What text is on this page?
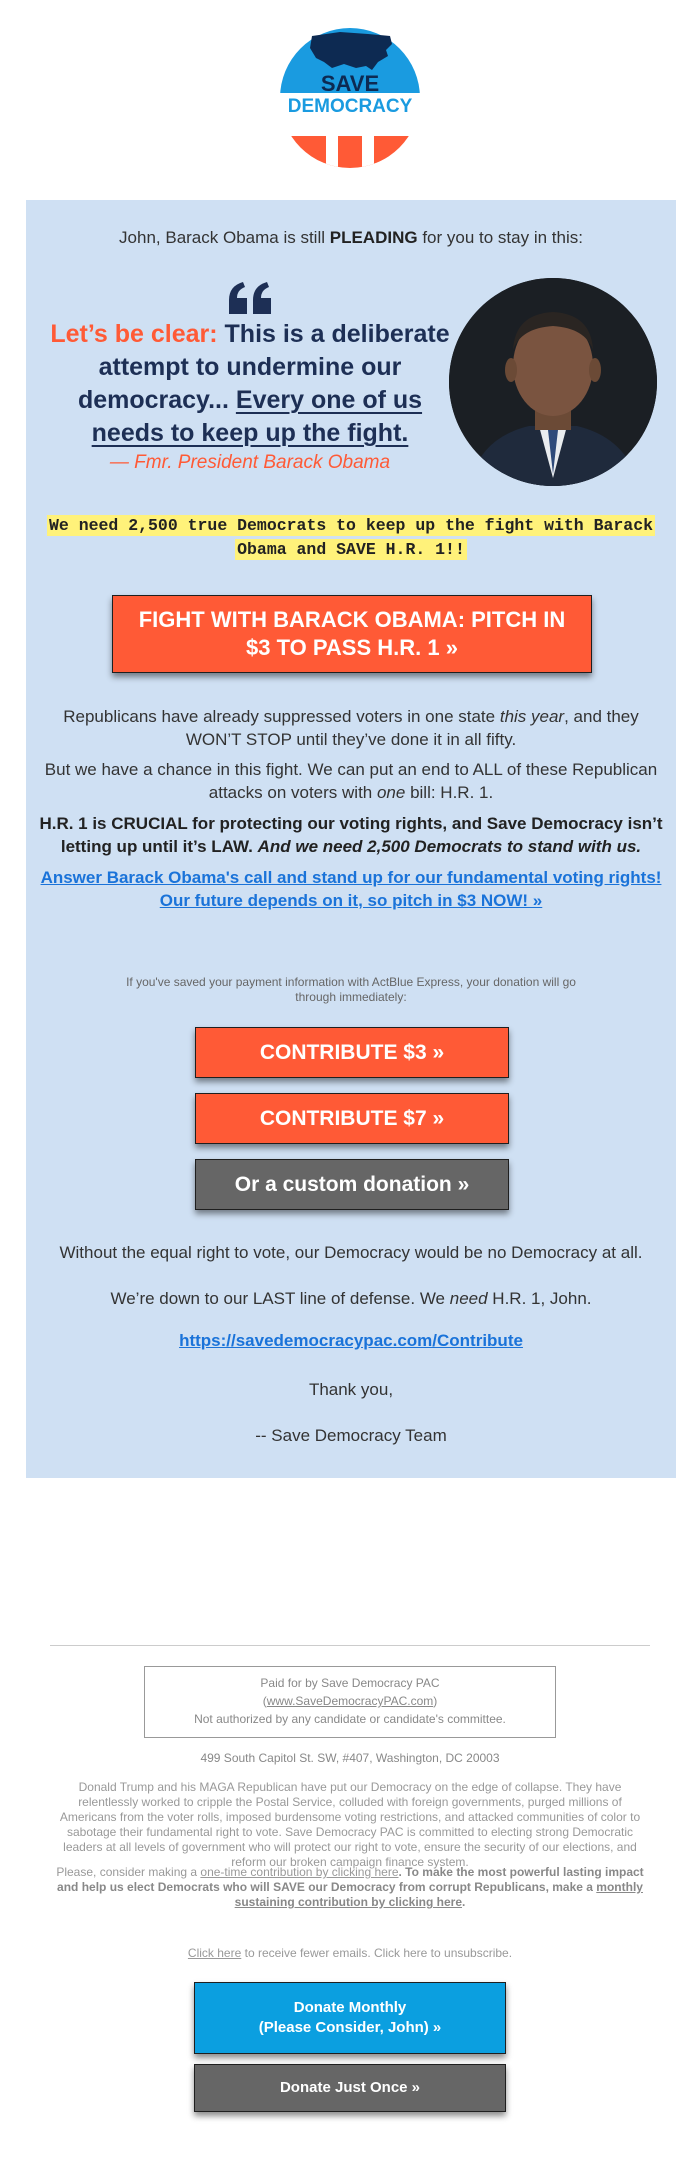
SAVE
DEMOCRACY
John, Barack Obama is still PLEADING for you to stay in this:
Let’s be clear: This is a deliberate attempt to undermine our democracy... Every one of us needs to keep up the fight.
— Fmr. President Barack Obama
We need 2,500 true Democrats to keep up the fight with Barack Obama and SAVE H.R. 1!!
FIGHT WITH BARACK OBAMA: PITCH IN $3 TO PASS H.R. 1 »
Republicans have already suppressed voters in one state this year, and they WON’T STOP until they’ve done it in all fifty.
But we have a chance in this fight. We can put an end to ALL of these Republican attacks on voters with one bill: H.R. 1.
H.R. 1 is CRUCIAL for protecting our voting rights, and Save Democracy isn’t letting up until it’s LAW. And we need 2,500 Democrats to stand with us.
Answer Barack Obama's call and stand up for our fundamental voting rights! Our future depends on it, so pitch in $3 NOW! »
If you've saved your payment information with ActBlue Express, your donation will go through immediately:
CONTRIBUTE $3 »
CONTRIBUTE $7 »
Or a custom donation »
Without the equal right to vote, our Democracy would be no Democracy at all.
We’re down to our LAST line of defense. We need H.R. 1, John.
https://savedemocracypac.com/Contribute
Thank you,
-- Save Democracy Team
Paid for by Save Democracy PAC
(www.SaveDemocracyPAC.com)
Not authorized by any candidate or candidate's committee.
499 South Capitol St. SW, #407, Washington, DC 20003
Donald Trump and his MAGA Republican have put our Democracy on the edge of collapse. They have relentlessly worked to cripple the Postal Service, colluded with foreign governments, purged millions of Americans from the voter rolls, imposed burdensome voting restrictions, and attacked communities of color to sabotage their fundamental right to vote. Save Democracy PAC is committed to electing strong Democratic leaders at all levels of government who will protect our right to vote, ensure the security of our elections, and reform our broken campaign finance system.
Please, consider making a one-time contribution by clicking here. To make the most powerful lasting impact and help us elect Democrats who will SAVE our Democracy from corrupt Republicans, make a monthly sustaining contribution by clicking here.
Click here to receive fewer emails. Click here to unsubscribe.
Donate Monthly
(Please Consider, John) »
Donate Just Once »
